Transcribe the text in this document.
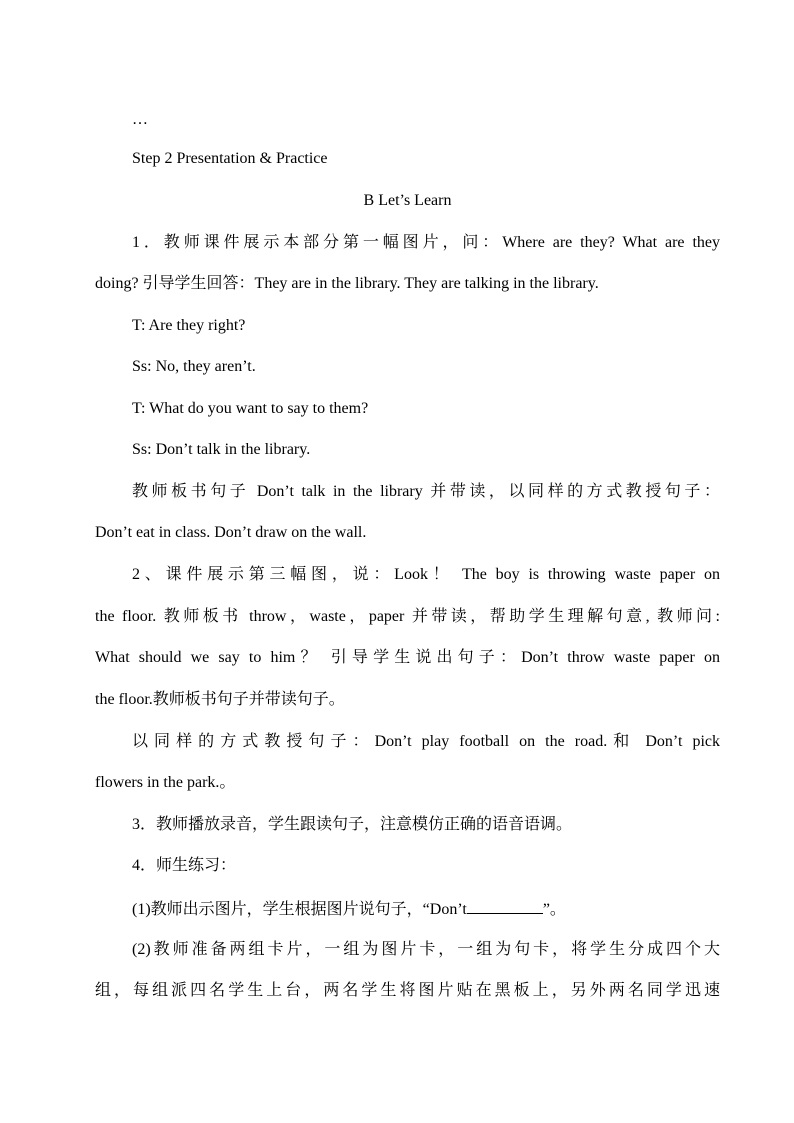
…
Step 2 Presentation & Practice
B Let’s Learn
1．教师课件展示本部分第一幅图片，问：Where are they? What are they
doing? 引导学生回答：They are in the library. They are talking in the library.
T: Are they right?
Ss: No, they aren’t.
T: What do you want to say to them?
Ss: Don’t talk in the library.
教师板书句子 Don’t talk in the library 并带读，以同样的方式教授句子：
Don’t eat in class. Don’t draw on the wall.
2、课件展示第三幅图，说：Look！ The boy is throwing waste paper on
the floor. 教师板书 throw，waste，paper 并带读，帮助学生理解句意, 教师问:
What should we say to him？ 引导学生说出句子：Don’t throw waste paper on
the floor.教师板书句子并带读句子。
以同样的方式教授句子：Don’t play football on the road.和 Don’t pick
flowers in the park.。
3．教师播放录音，学生跟读句子，注意模仿正确的语音语调。
4．师生练习：
(1)教师出示图片，学生根据图片说句子，“Don’t	”。
(2)教师准备两组卡片，一组为图片卡，一组为句卡，将学生分成四个大
组，每组派四名学生上台，两名学生将图片贴在黑板上，另外两名同学迅速
